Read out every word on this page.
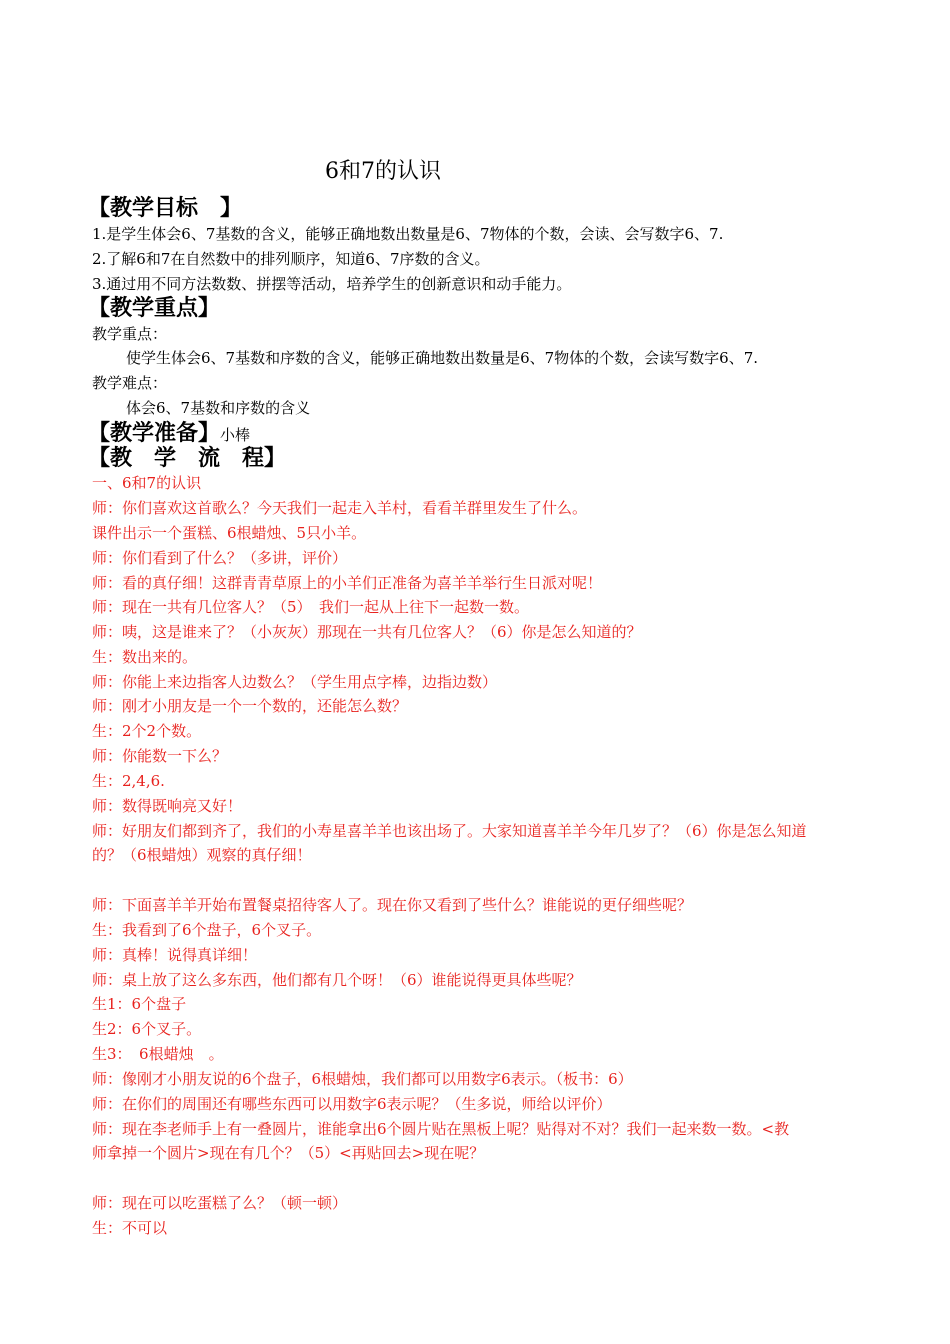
6和7的认识
【教学目标　】
1.是学生体会6、7基数的含义，能够正确地数出数量是6、7物体的个数，会读、会写数字6、7.
2.了解6和7在自然数中的排列顺序，知道6、7序数的含义。
3.通过用不同方法数数、拼摆等活动，培养学生的创新意识和动手能力。
【教学重点】
教学重点：
使学生体会6、7基数和序数的含义，能够正确地数出数量是6、7物体的个数，会读写数字6、7.
教学难点：
体会6、7基数和序数的含义
【教学准备】小棒
【教　学　流　程】
一、6和7的认识
师：你们喜欢这首歌么？今天我们一起走入羊村，看看羊群里发生了什么。
课件出示一个蛋糕、6根蜡烛、5只小羊。
师：你们看到了什么？（多讲，评价）
师：看的真仔细！这群青青草原上的小羊们正准备为喜羊羊举行生日派对呢！
师：现在一共有几位客人？（5）　我们一起从上往下一起数一数。
师：咦，这是谁来了？（小灰灰）那现在一共有几位客人？（6）你是怎么知道的？
生：数出来的。
师：你能上来边指客人边数么？（学生用点字棒，边指边数）
师：刚才小朋友是一个一个数的，还能怎么数？
生：2个2个数。
师：你能数一下么？
生：2,4,6.
师：数得既响亮又好！
师：好朋友们都到齐了，我们的小寿星喜羊羊也该出场了。大家知道喜羊羊今年几岁了？（6）你是怎么知道
的？（6根蜡烛）观察的真仔细！
师：下面喜羊羊开始布置餐桌招待客人了。现在你又看到了些什么？谁能说的更仔细些呢？
生：我看到了6个盘子，6个叉子。
师：真棒！说得真详细！
师：桌上放了这么多东西，他们都有几个呀！（6）谁能说得更具体些呢？
生1：6个盘子
生2：6个叉子。
生3：　6根蜡烛　。
师：像刚才小朋友说的6个盘子，6根蜡烛，我们都可以用数字6表示。（板书：6）
师：在你们的周围还有哪些东西可以用数字6表示呢？（生多说，师给以评价）
师：现在李老师手上有一叠圆片，谁能拿出6个圆片贴在黑板上呢？贴得对不对？我们一起来数一数。<教
师拿掉一个圆片>现在有几个？（5）<再贴回去>现在呢？
师：现在可以吃蛋糕了么？（顿一顿）
生：不可以
